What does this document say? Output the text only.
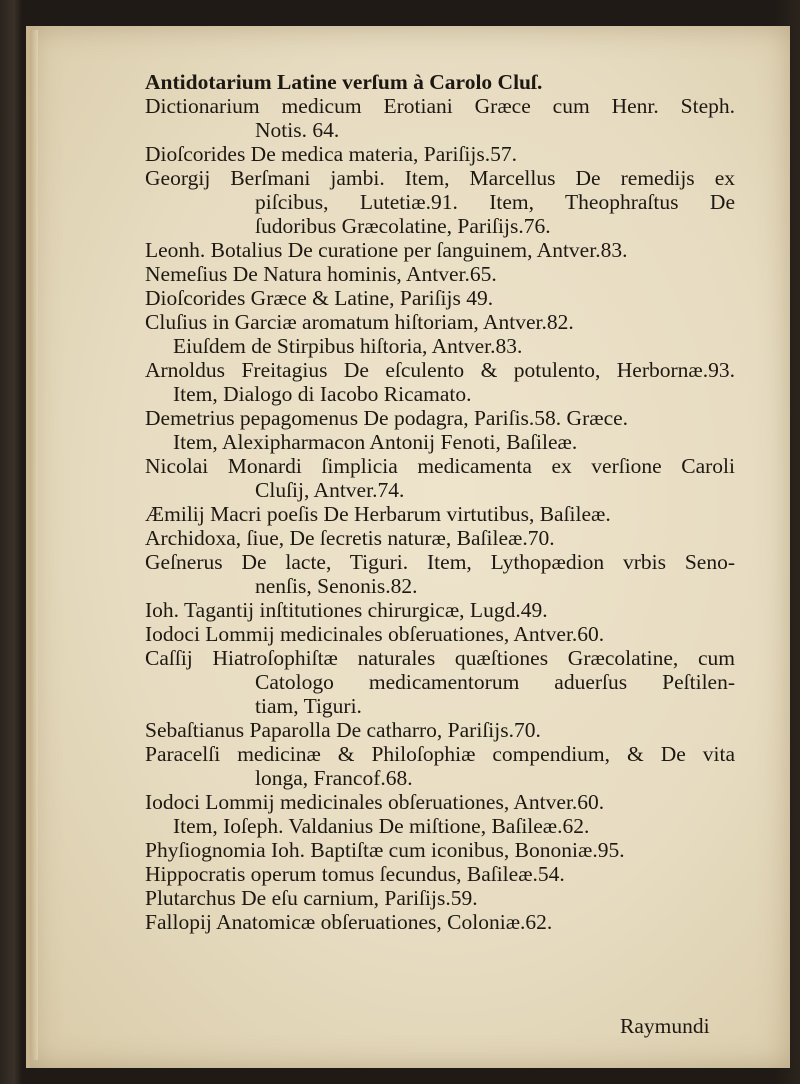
Antidotarium Latine verſum à Carolo Cluſ.
Dictionarium medicum Erotiani Græce cum Henr. Steph.
Notis. 64.
Dioſcorides De medica materia, Pariſijs.57.
Georgij Berſmani jambi. Item, Marcellus De remedijs ex
piſcibus, Lutetiæ.91. Item, Theophraſtus De
ſudoribus Græcolatine, Pariſijs.76.
Leonh. Botalius De curatione per ſanguinem, Antver.83.
Nemeſius De Natura hominis, Antver.65.
Dioſcorides Græce & Latine, Pariſijs 49.
Cluſius in Garciæ aromatum hiſtoriam, Antver.82.
Eiuſdem de Stirpibus hiſtoria, Antver.83.
Arnoldus Freitagius De eſculento & potulento, Herbornæ.93.
Item, Dialogo di Iacobo Ricamato.
Demetrius pepagomenus De podagra, Pariſis.58. Græce.
Item, Alexipharmacon Antonij Fenoti, Baſileæ.
Nicolai Monardi ſimplicia medicamenta ex verſione Caroli
Cluſij, Antver.74.
Æmilij Macri poeſis De Herbarum virtutibus, Baſileæ.
Archidoxa, ſiue, De ſecretis naturæ, Baſileæ.70.
Geſnerus De lacte, Tiguri. Item, Lythopædion vrbis Seno-
nenſis, Senonis.82.
Ioh. Tagantij inſtitutiones chirurgicæ, Lugd.49.
Iodoci Lommij medicinales obſeruationes, Antver.60.
Caſſij Hiatroſophiſtæ naturales quæſtiones Græcolatine, cum
Catologo medicamentorum aduerſus Peſtilen-
tiam, Tiguri.
Sebaſtianus Paparolla De catharro, Pariſijs.70.
Paracelſi medicinæ & Philoſophiæ compendium, & De vita
longa, Francof.68.
Iodoci Lommij medicinales obſeruationes, Antver.60.
Item, Ioſeph. Valdanius De miſtione, Baſileæ.62.
Phyſiognomia Ioh. Baptiſtæ cum iconibus, Bononiæ.95.
Hippocratis operum tomus ſecundus, Baſileæ.54.
Plutarchus De eſu carnium, Pariſijs.59.
Fallopij Anatomicæ obſeruationes, Coloniæ.62.
Raymundi
